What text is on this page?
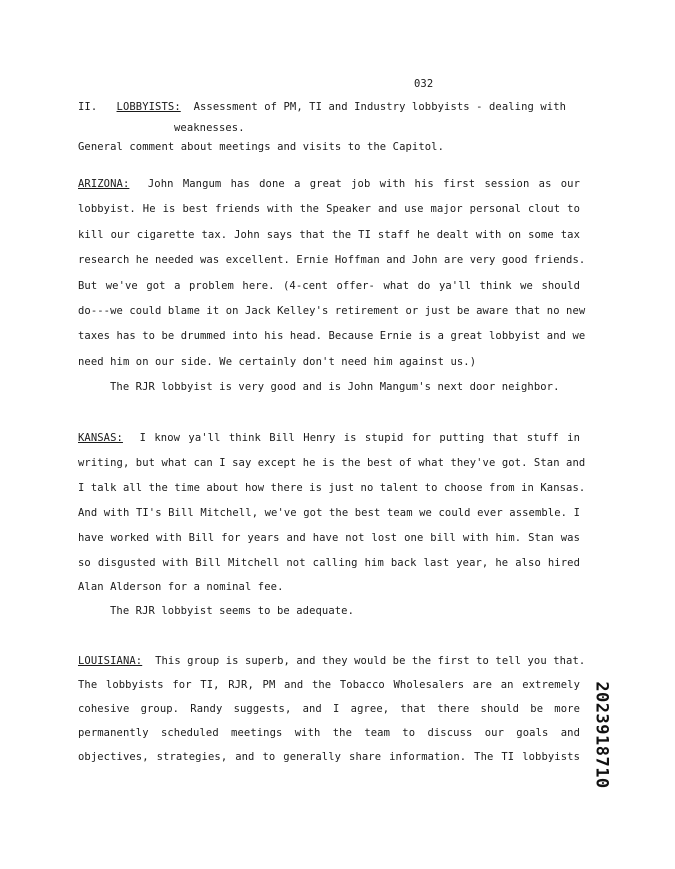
032
II. LOBBYISTS: Assessment of PM, TI and Industry lobbyists - dealing with
weaknesses.
General comment about meetings and visits to the Capitol.
ARIZONA: John Mangum has done a great job with his first session as our
lobbyist. He is best friends with the Speaker and use major personal clout to
kill our cigarette tax. John says that the TI staff he dealt with on some tax
research he needed was excellent. Ernie Hoffman and John are very good friends.
But we've got a problem here. (4-cent offer- what do ya'll think we should
do---we could blame it on Jack Kelley's retirement or just be aware that no new
taxes has to be drummed into his head. Because Ernie is a great lobbyist and we
need him on our side. We certainly don't need him against us.)
The RJR lobbyist is very good and is John Mangum's next door neighbor.
KANSAS: I know ya'll think Bill Henry is stupid for putting that stuff in
writing, but what can I say except he is the best of what they've got. Stan and
I talk all the time about how there is just no talent to choose from in Kansas.
And with TI's Bill Mitchell, we've got the best team we could ever assemble. I
have worked with Bill for years and have not lost one bill with him. Stan was
so disgusted with Bill Mitchell not calling him back last year, he also hired
Alan Alderson for a nominal fee.
The RJR lobbyist seems to be adequate.
LOUISIANA: This group is superb, and they would be the first to tell you that.
The lobbyists for TI, RJR, PM and the Tobacco Wholesalers are an extremely
cohesive group. Randy suggests, and I agree, that there should be more
permanently scheduled meetings with the team to discuss our goals and
objectives, strategies, and to generally share information. The TI lobbyists 2023918710
